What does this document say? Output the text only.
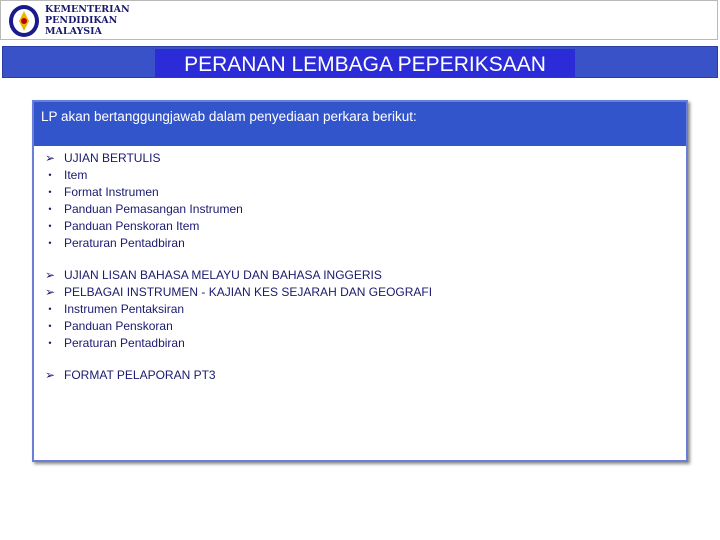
KEMENTERIAN
PENDIDIKAN
MALAYSIA
PERANAN LEMBAGA PEPERIKSAAN
LP akan bertanggungjawab dalam penyediaan perkara berikut:
➢ UJIAN BERTULIS
•	Item
•	Format Instrumen
•	Panduan Pemasangan Instrumen
•	Panduan Penskoran Item
•	Peraturan Pentadbiran
➢ UJIAN LISAN BAHASA MELAYU DAN BAHASA INGGERIS
➢ PELBAGAI INSTRUMEN - KAJIAN KES SEJARAH DAN GEOGRAFI
•	Instrumen Pentaksiran
•	Panduan Penskoran
•	Peraturan Pentadbiran
➢ FORMAT PELAPORAN PT3
